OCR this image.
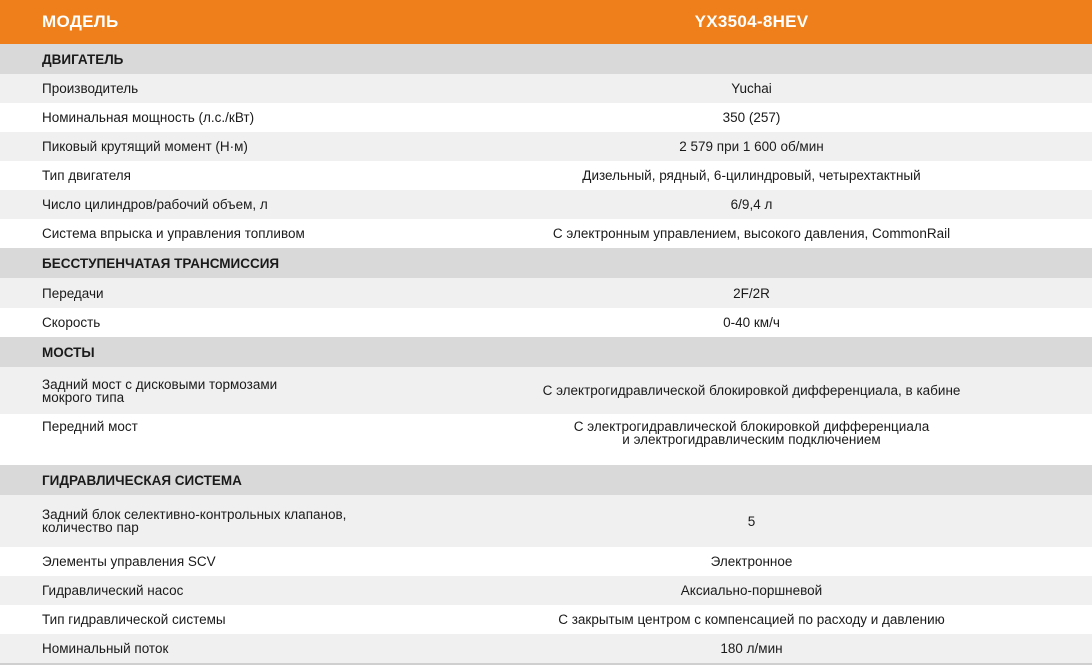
МОДЕЛЬ	YX3504-8HEV
ДВИГАТЕЛЬ	
Производитель	Yuchai
Номинальная мощность (л.с./кВт)	350 (257)
Пиковый крутящий момент (Н·м)	2 579 при 1 600 об/мин
Тип двигателя	Дизельный, рядный, 6-цилиндровый, четырехтактный
Число цилиндров/рабочий объем, л	6/9,4 л
Система впрыска и управления топливом	С электронным управлением, высокого давления, CommonRail
БЕССТУПЕНЧАТАЯ ТРАНСМИССИЯ	
Передачи	2F/2R
Скорость	0-40 км/ч
МОСТЫ	
Задний мост с дисковыми тормозами
мокрого типа	С электрогидравлической блокировкой дифференциала, в кабине
Передний мост	С электрогидравлической блокировкой дифференциала
и электрогидравлическим подключением
ГИДРАВЛИЧЕСКАЯ СИСТЕМА	
Задний блок селективно-контрольных клапанов,
количество пар	5
Элементы управления SCV	Электронное
Гидравлический насос	Аксиально-поршневой
Тип гидравлической системы	С закрытым центром с компенсацией по расходу и давлению
Номинальный поток	180 л/мин
